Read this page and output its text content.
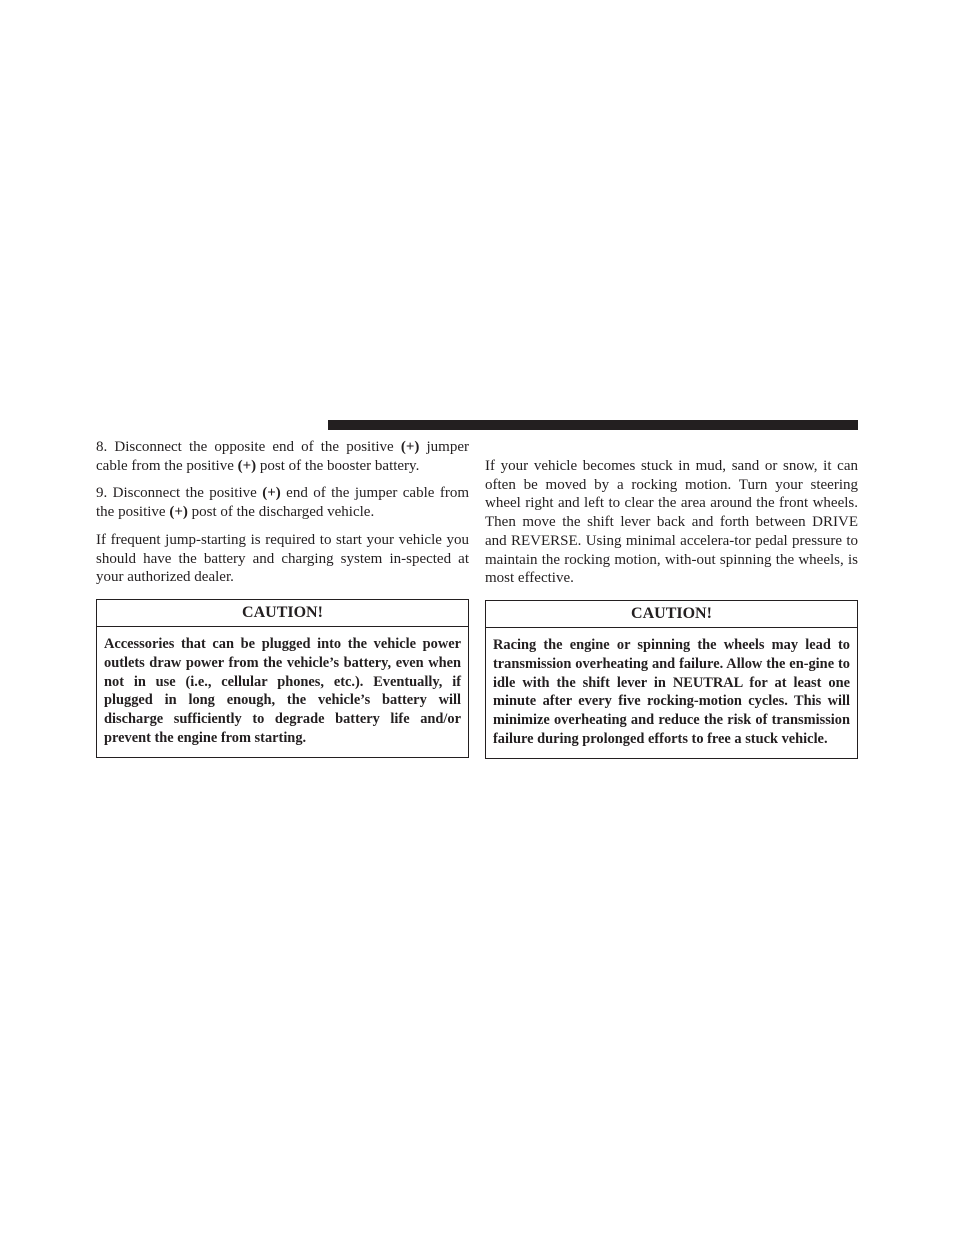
8. Disconnect the opposite end of the positive (+) jumper cable from the positive (+) post of the booster battery.

9. Disconnect the positive (+) end of the jumper cable from the positive (+) post of the discharged vehicle.

If frequent jump-starting is required to start your vehicle you should have the battery and charging system in-spected at your authorized dealer.

CAUTION!
Accessories that can be plugged into the vehicle power outlets draw power from the vehicle’s battery, even when not in use (i.e., cellular phones, etc.). Eventually, if plugged in long enough, the vehicle’s battery will discharge sufficiently to degrade battery life and/or prevent the engine from starting.

If your vehicle becomes stuck in mud, sand or snow, it can often be moved by a rocking motion. Turn your steering wheel right and left to clear the area around the front wheels. Then move the shift lever back and forth between DRIVE and REVERSE. Using minimal accelera-tor pedal pressure to maintain the rocking motion, with-out spinning the wheels, is most effective.

CAUTION!
Racing the engine or spinning the wheels may lead to transmission overheating and failure. Allow the en-gine to idle with the shift lever in NEUTRAL for at least one minute after every five rocking-motion cycles. This will minimize overheating and reduce the risk of transmission failure during prolonged efforts to free a stuck vehicle.
